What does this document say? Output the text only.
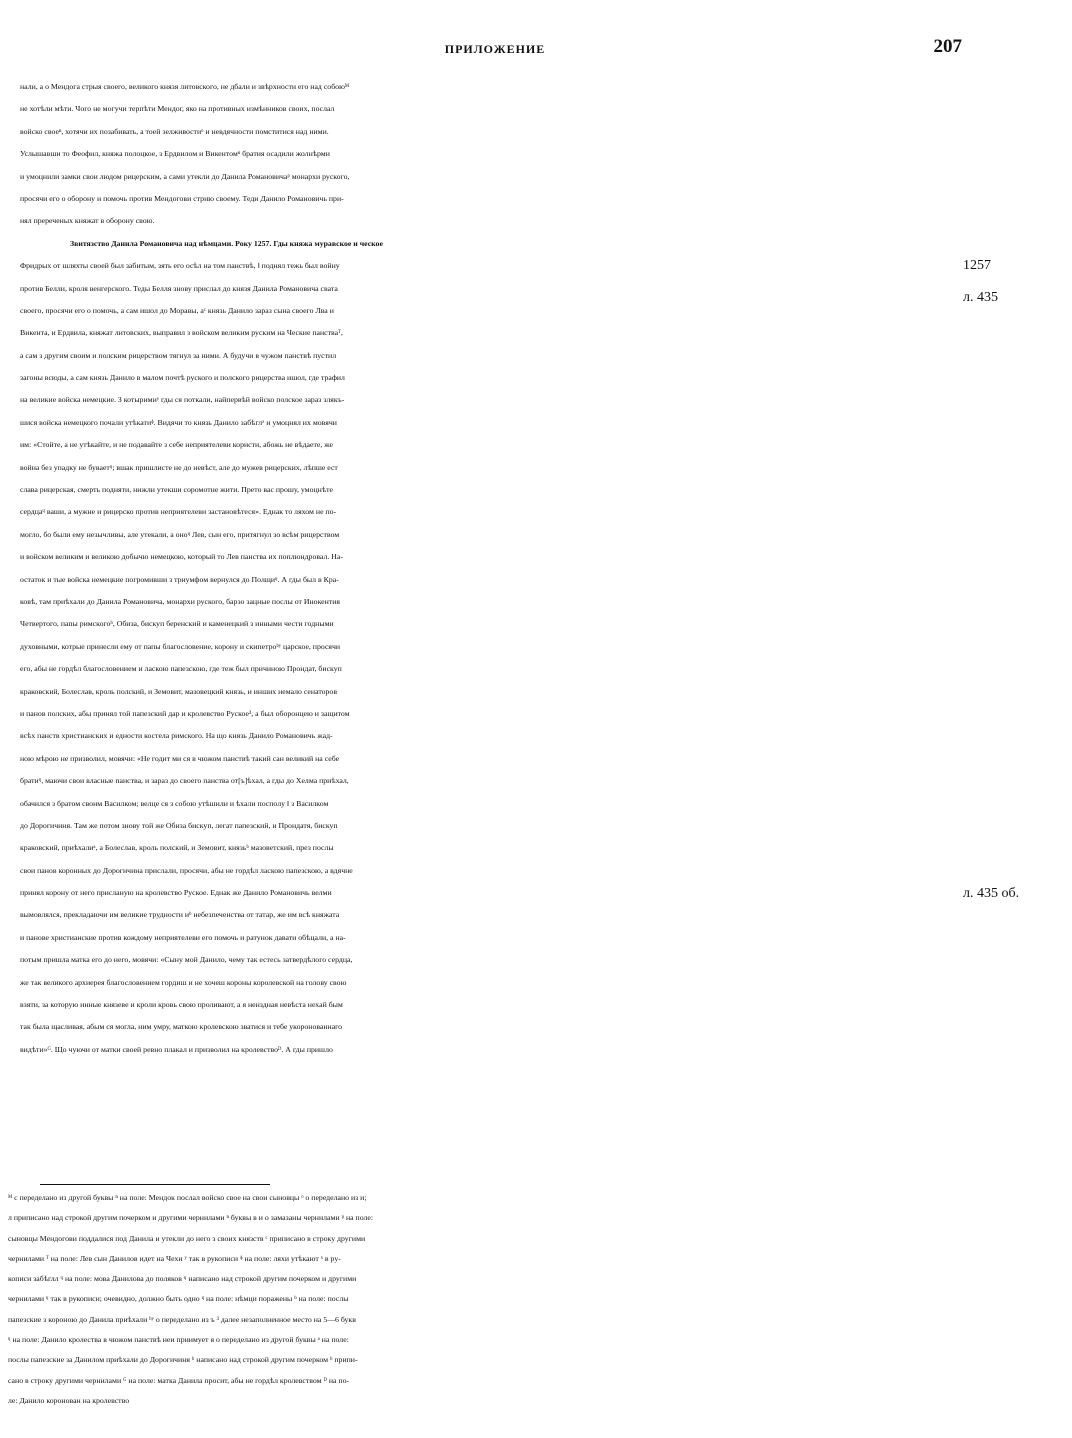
ПРИЛОЖЕНИЕ	207
нали, а о Мендога стрыя своего, великого князя литовского, не дбали и звѣрхности его над собоюᴹ
не хотѣли мѣти. Чого не могучи терпѣти Мендог, яко на противных измѣнников своих, послал
войско своеⁿ, хотячи их позабивать, а тоей зелживостиᵒ и невдячности помститися над ними.
Услышавши то Феофил, княжа полоцкое, з Ердвилом и Викентомⁿ братия осадили жолнѣрми
и умоцнили замки свои людом рицерским, а сами утекли до Данила Романовичаᵖ монархи руского,
просячи его о оборону и помочь против Мендогови стрию своему. Теди Данило Романовичь при-
нял пререченых княжат в оборону свою.
Звитязство Данила Романовича над нѣмцами. Року 1257. Гды княжа муравское и ческое
Фридрых от шляхты своей был забитым, зять его осѣл на том панствѣ, ‖ поднял тежь был войну
против Белли, кроля венгерского. Теды Белля знову прислал до князя Данила Романовича свата
своего, просячи его о помочь, а сам ишол до Моравы, аᶜ князь Данило зараз сына своего Лва и
Викента, и Ердвила, княжат литовских, выправил з войском великим руским на Ческие панстваᵀ,
а сам з другим своим и полским рицерством тягнул за ними. А будучи в чужом панствѣ пустил
загоны всюды, а сам князь Данило в малом почтѣ руского и полского рицерства ишол, где трафил
на великие войска немецкие. З котыримиʸ гды ся поткали, найпервѣй войско полское зараз злякъ-
шися войска немецкого почали утѣкатиᶲ. Видячи то князь Данило забѣглˣ и умоцнял их мовячи
им: «Стойте, а не утѣкайте, и не подавайте з себе неприятелеви користи, абожь не вѣдаете, же
война без упадку не буваетᶣ; вшак пришлисте не до невѣст, але до мужев рицерских, лѣпше ест
слава рицерская, смерть подняти, нижли утекши соромотне жити. Прето вас прошу, умоцнѣте
сердцаᶣ ваши, а мужне и рицерско против неприятелеви застановѣтеся». Еднак то ляхом не по-
могло, бо были ему незычливы, але утекали, а оноᶣ Лев, сын его, притягнул зо всѣм рицерством
и войском великим и великою добычю немецкою, который то Лев панства их поплюндровал. На-
остаток и тые войска немецкие погромивши з триумфом вернулся до Полщиᶣ. А гды был в Кра-
ковѣ, там приѣхали до Данила Романовича, монархи руского, барзо зацные послы от Инокентия
Четвертого, папы римскогоᵇ, Обиза, бискуп беренский и каменецкий з инными чести годными
духовными, котрые принесли ему от папы благословение, корону и скипетроᵇʸ царское, просячи
его, абы не гордѣл благословением и ласкою папезскою, где теж был причиною Прондат, бискуп
краковский, Болеслав, кроль полский, и Земовит, мазовецкий князь, и инших немало сенаторов
и панов полских, абы принял той папезский дар и кролевство Руское³, а был оборонцею и защитом
всѣх панств христианских и едности костела римского. На що князь Данило Романовичь жад-
ною мѣрою не призволил, мовячи: «Не годит ми ся в чюжом панствѣ такий сан великий на себе
братиᶣ, маючи свои власные панства, и зараз до своего панства от[ъ]ѣхал, а гды до Хелма приѣхал,
обачился з братом своим Василком; велце ся з собою утѣшили и ѣхали посполу ‖ з Василком
до Дорогичиня. Там же потом знову той же Обиза бискуп, легат папезский, и Прондатᴙ, бискуп
краковский, приѣхалиᵃ, а Болеслав, кроль полский, и Земовит, князьᵇ мазоветский, през послы
свои панов коронных до Дорогичина прислали, просячи, абы не гордѣл ласкою папезскою, а вдячне
принял корону от него присланую на кролевство Руское. Еднак же Данило Романовичь велми
вымовлялся, прекладаючи им великие трудности иᵇ небезпеченства от татар, же им всѣ княжата
и панове христианские против кождому неприятелеви его помочь и ратунок давати обѣцали, а на-
потым пришла матка его до него, мовячи: «Сыну мой Данило, чему так естесь затвердѣлого сердца,
же так великого архиерея благословением гордиш и не хочеш короны королевской на голову свою
взяти, за которую инные князеве и кроли кровь свою проливают, а я нензднaя невѣста нехай бым
так была щасливая, абым ся могла, ним умру, маткою кролевскою зватися и тебе укоронованнаго
видѣти»ᴳ. Що чуючи от матки своей ревно плакал и призволил на кролевствоᴰ. А гды пришло
1257
л. 435
л. 435 об.
ᴹ с переделано из другой буквы ⁿ на поле: Мендок послал войско свое на свои сыновцы ᵒ о переделано из и;
л приписано над строкой другим почерком и другими чернилами ⁿ буквы в и о замазаны чернилами ᵖ на поле:
сыновцы Мендогови поддалися под Данила и утекли до него з своих князств ᶜ приписано в строку другими
чернилами ᵀ на поле: Лев сын Данилов идет на Чехи ʸ так в рукописи ᶲ на поле: ляхи утѣкают ˣ в ру-
кописи забѣглл ᶣ на поле: мова Данилова до поляков ᶣ написано над строкой другим почерком и другими
чернилами ᶣ так в рукописи; очевидно, должно быть одно ᶣ на поле: нѣмци поражены ᵇ на поле: послы
папезские з короною до Данила приѣхали ᵇʸ о переделано из ъ ³ далее незаполненное место на 5—6 букв
ᶣ на поле: Данило кролества в чюжом панствѣ неи приимует ᴙ о переделано из другой буквы ᵃ на поле:
послы папезские за Данилом приѣхали до Дорогичиня ᵇ написано над строкой другим почерком ᵇ припи-
сано в строку другими чернилами ᴳ на поле: матка Данила просит, абы не гордѣл кролевством ᴰ на по-
ле: Данило коронован на кролевство
